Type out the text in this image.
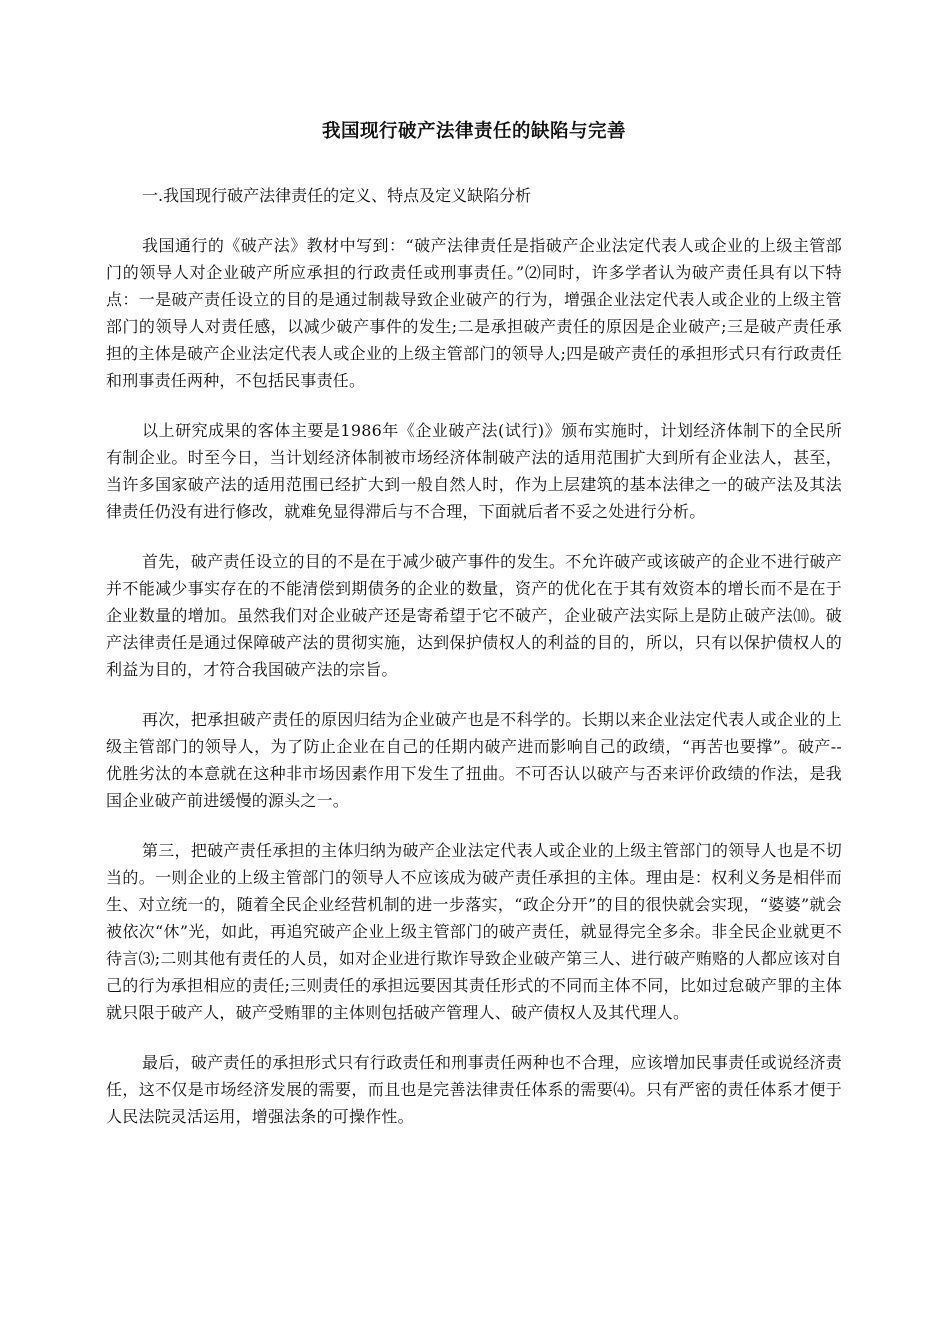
我国现行破产法律责任的缺陷与完善

一.我国现行破产法律责任的定义、特点及定义缺陷分析

我国通行的《破产法》教材中写到：“破产法律责任是指破产企业法定代表人或企业的上级主管部门的领导人对企业破产所应承担的行政责任或刑事责任。”⑵同时，许多学者认为破产责任具有以下特点：一是破产责任设立的目的是通过制裁导致企业破产的行为，增强企业法定代表人或企业的上级主管部门的领导人对责任感，以减少破产事件的发生;二是承担破产责任的原因是企业破产;三是破产责任承担的主体是破产企业法定代表人或企业的上级主管部门的领导人;四是破产责任的承担形式只有行政责任和刑事责任两种，不包括民事责任。

以上研究成果的客体主要是1986年《企业破产法(试行)》颁布实施时，计划经济体制下的全民所有制企业。时至今日，当计划经济体制被市场经济体制破产法的适用范围扩大到所有企业法人，甚至，当许多国家破产法的适用范围已经扩大到一般自然人时，作为上层建筑的基本法律之一的破产法及其法律责任仍没有进行修改，就难免显得滞后与不合理，下面就后者不妥之处进行分析。

首先，破产责任设立的目的不是在于减少破产事件的发生。不允许破产或该破产的企业不进行破产并不能减少事实存在的不能清偿到期债务的企业的数量，资产的优化在于其有效资本的增长而不是在于企业数量的增加。虽然我们对企业破产还是寄希望于它不破产，企业破产法实际上是防止破产法⑽。破产法律责任是通过保障破产法的贯彻实施，达到保护债权人的利益的目的，所以，只有以保护债权人的利益为目的，才符合我国破产法的宗旨。

再次，把承担破产责任的原因归结为企业破产也是不科学的。长期以来企业法定代表人或企业的上级主管部门的领导人，为了防止企业在自己的任期内破产进而影响自己的政绩，“再苦也要撑”。破产--优胜劣汰的本意就在这种非市场因素作用下发生了扭曲。不可否认以破产与否来评价政绩的作法，是我国企业破产前进缓慢的源头之一。

第三，把破产责任承担的主体归纳为破产企业法定代表人或企业的上级主管部门的领导人也是不切当的。一则企业的上级主管部门的领导人不应该成为破产责任承担的主体。理由是：权利义务是相伴而生、对立统一的，随着全民企业经营机制的进一步落实，“政企分开”的目的很快就会实现，“婆婆”就会被依次“休”光，如此，再追究破产企业上级主管部门的破产责任，就显得完全多余。非全民企业就更不待言⑶;二则其他有责任的人员，如对企业进行欺诈导致企业破产第三人、进行破产贿赂的人都应该对自己的行为承担相应的责任;三则责任的承担远要因其责任形式的不同而主体不同，比如过怠破产罪的主体就只限于破产人，破产受贿罪的主体则包括破产管理人、破产债权人及其代理人。

最后，破产责任的承担形式只有行政责任和刑事责任两种也不合理，应该增加民事责任或说经济责任，这不仅是市场经济发展的需要，而且也是完善法律责任体系的需要⑷。只有严密的责任体系才便于人民法院灵活运用，增强法条的可操作性。
